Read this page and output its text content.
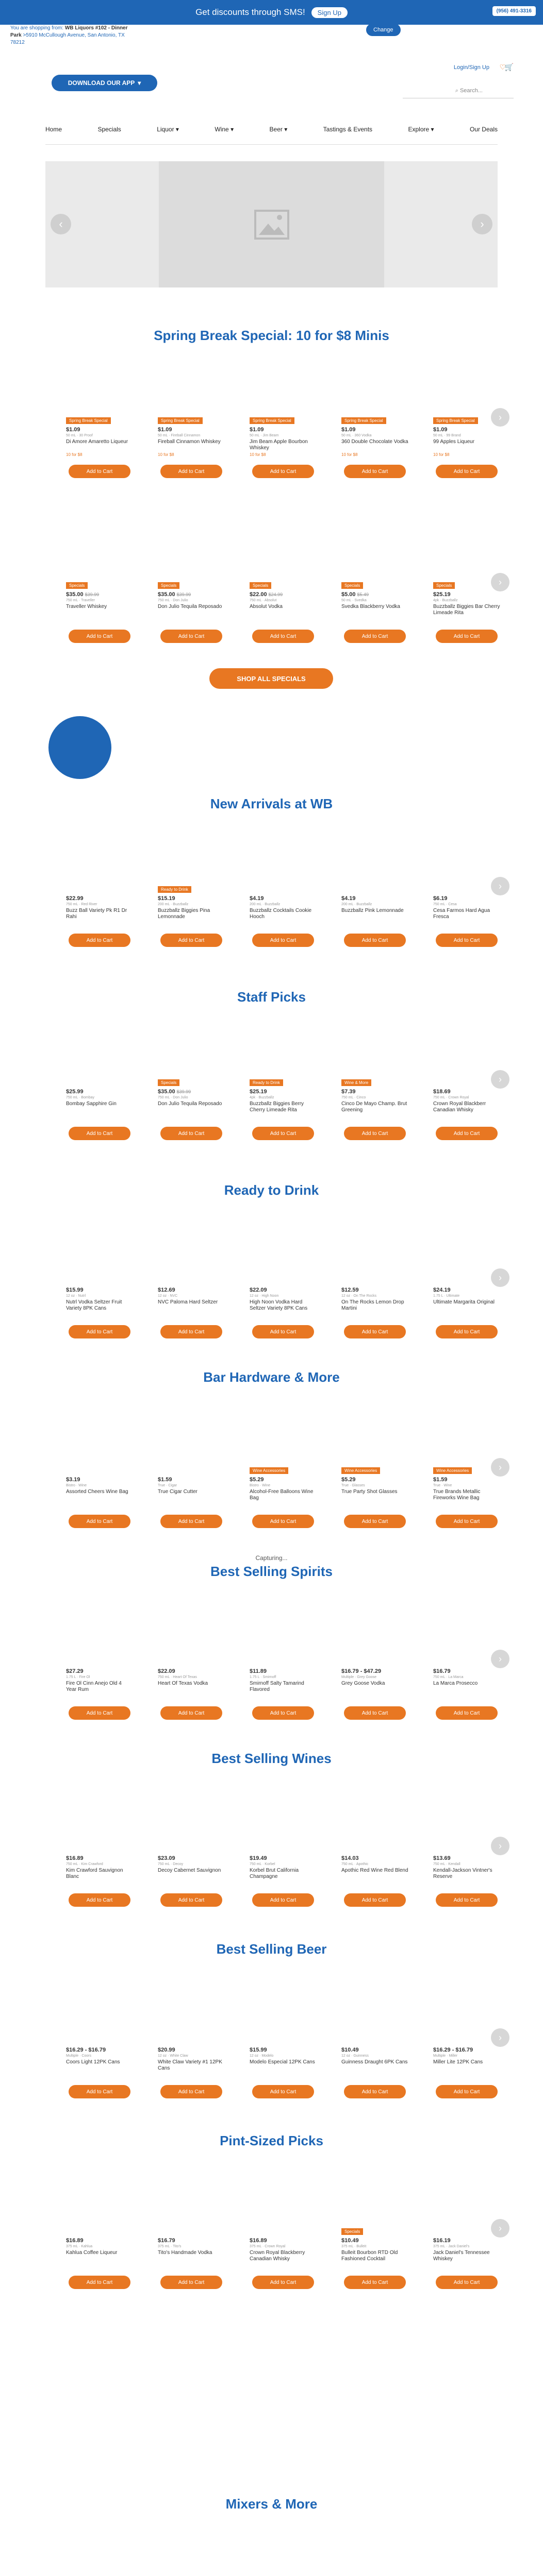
Get discounts through SMS!	Sign Up	(956) 491-3316
You are shopping from: WB Liquors #102 - Dinner Park >5910 McCullough Avenue, San Antonio, TX 78212
Change
DOWNLOAD OUR APP ▾
Login/Sign Up ♡
🛒
⌕ Search...
Home	Specials	Liquor ▾	Wine ▾	Beer ▾	Tastings & Events	Explore ▾	Our Deals
‹	›
Spring Break Special: 10 for $8 Minis
Spring Break Special
$1.09
50 mL · 30 Proof
Di Amore Amaretto Liqueur
10 for $8
Add to Cart
Spring Break Special
$1.09
50 mL · Fireball Cinnamon
Fireball Cinnamon Whiskey
10 for $8
Add to Cart
Spring Break Special
$1.09
50 mL · Jim Beam
Jim Beam Apple Bourbon Whiskey
10 for $8
Add to Cart
Spring Break Special
$1.09
50 mL · 360 Vodka
360 Double Chocolate Vodka
10 for $8
Add to Cart
Spring Break Special
$1.09
50 mL · 99 Brand
99 Apples Liqueur
10 for $8
Add to Cart
›
Specials
$35.00 $39.99
750 mL · Traveller
Traveller Whiskey
Add to Cart
Specials
$35.00 $39.99
750 mL · Don Julio
Don Julio Tequila Reposado
Add to Cart
Specials
$22.00 $24.99
750 mL · Absolut
Absolut Vodka
Add to Cart
Specials
$5.00 $5.49
50 mL · Svedka
Svedka Blackberry Vodka
Add to Cart
Specials
$25.19
4pk · Buzzballz
Buzzballz Biggies Bar Cherry Limeade Rita
Add to Cart
›
SHOP ALL SPECIALS
New Arrivals at WB
$22.99
750 mL · Red River
Buzz Ball Variety Pk R1 Dr Rahi
Add to Cart
Ready to Drink
$15.19
200 mL · Buzzballz
Buzzballz Biggies Pina Lemonnade
Add to Cart
$4.19
200 mL · Buzzballz
Buzzballz Cocktails Cookie Hooch
Add to Cart
$4.19
200 mL · Buzzballz
Buzzballz Pink Lemonnade
Add to Cart
$6.19
750 mL · Cesa
Cesa Farmos Hard Agua Fresca
Add to Cart
›
Staff Picks
$25.99
750 mL · Bombay
Bombay Sapphire Gin
Add to Cart
Specials
$35.00 $39.99
750 mL · Don Julio
Don Julio Tequila Reposado
Add to Cart
Ready to Drink
$25.19
4pk · Buzzballz
Buzzballz Biggies Berry Cherry Limeade Rita
Add to Cart
Wine & More
$7.39
750 mL · Cinco
Cinco De Mayo Champ. Brut Greening
Add to Cart
$18.69
750 mL · Crown Royal
Crown Royal Blackberr Canadian Whisky
Add to Cart
›
Ready to Drink
$15.99
12 oz · Nutrl
Nutrl Vodka Seltzer Fruit Variety 8PK Cans
Add to Cart
$12.69
12 oz · NVC
NVC Paloma Hard Seltzer
Add to Cart
$22.09
12 oz · High Noon
High Noon Vodka Hard Seltzer Variety 8PK Cans
Add to Cart
$12.59
12 oz · On The Rocks
On The Rocks Lemon Drop Martini
Add to Cart
$24.19
1.75 L · Ultimate
Ultimate Margarita Original
Add to Cart
›
Bar Hardware & More
$3.19
Bistro · Wine
Assorted Cheers Wine Bag
Add to Cart
$1.59
True · Cigar
True Cigar Cutter
Add to Cart
Wine Accessories
$5.29
Bistro · Wine
Alcohol-Free Balloons Wine Bag
Add to Cart
Wine Accessories
$5.29
True · Glasses
True Party Shot Glasses
Add to Cart
Wine Accessories
$1.59
True · Wine
True Brands Metallic Fireworks Wine Bag
Add to Cart
›
Capturing...
Best Selling Spirits
$27.29
1.75 L · Fire Ol
Fire Ol Cinn Anejo Old 4 Year Rum
Add to Cart
$22.09
750 mL · Heart Of Texas
Heart Of Texas Vodka
Add to Cart
$11.89
1.75 L · Smirnoff
Smirnoff Salty Tamarind Flavored
Add to Cart
$16.79 - $47.29
Multiple · Grey Goose
Grey Goose Vodka
Add to Cart
$16.79
750 mL · La Marca
La Marca Prosecco
Add to Cart
›
Best Selling Wines
$16.89
750 mL · Kim Crawford
Kim Crawford Sauvignon Blanc
Add to Cart
$23.09
750 mL · Decoy
Decoy Cabernet Sauvignon
Add to Cart
$19.49
750 mL · Korbel
Korbel Brut California Champagne
Add to Cart
$14.03
750 mL · Apothic
Apothic Red Wine Red Blend
Add to Cart
$13.69
750 mL · Kendall
Kendall-Jackson Vintner's Reserve
Add to Cart
›
Best Selling Beer
$16.29 - $16.79
Multiple · Coors
Coors Light 12PK Cans
Add to Cart
$20.99
12 oz · White Claw
White Claw Variety #1 12PK Cans
Add to Cart
$15.99
12 oz · Modelo
Modelo Especial 12PK Cans
Add to Cart
$10.49
12 oz · Guinness
Guinness Draught 6PK Cans
Add to Cart
$16.29 - $16.79
Multiple · Miller
Miller Lite 12PK Cans
Add to Cart
›
Pint-Sized Picks
$16.89
375 mL · Kahlua
Kahlua Coffee Liqueur
Add to Cart
$16.79
375 mL · Tito's
Tito's Handmade Vodka
Add to Cart
$16.89
375 mL · Crown Royal
Crown Royal Blackberry Canadian Whisky
Add to Cart
Specials
$10.49
375 mL · Bulleit
Bulleit Bourbon RTD Old Fashioned Cocktail
Add to Cart
$16.19
375 mL · Jack Daniel's
Jack Daniel's Tennessee Whiskey
Add to Cart
›
Mixers & More
